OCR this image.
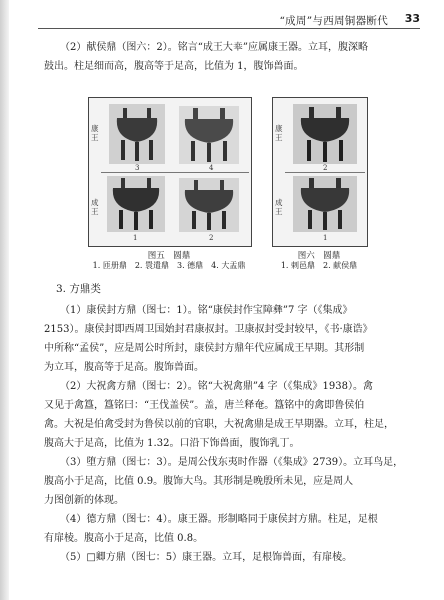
“成周”与西周铜器断代 33

（2）献侯鼎（图六：2）。铭言“成王大𠦪”应属康王器。立耳，腹深略

鼓出。柱足细而高，腹高等于足高，比值为 1，腹饰兽面。

康
王
成
王
3	4
1	2
图五　圆鼎
1. 匝册鼎　2. 睘遣鼎　3. 德鼎　4. 大盂鼎
康
王
成
王
2
1
图六　圆鼎
1. 剌邑鼎　2. 献侯鼎
3. 方鼎类

（1）康侯封方鼎（图七：1）。铭“康侯封作宝障彝”7 字（《集成》

2153）。康侯封即西周卫国始封君康叔封。卫康叔封受封较早，《书·康诰》

中所称“孟侯”，应是周公时所封，康侯封方鼎年代应属成王早期。其形制

为立耳，腹高等于足高。腹饰兽面。

（2）大祝禽方鼎（图七：2）。铭“大祝禽鼎”4 字（《集成》1938）。禽

又见于禽簋，簋铭曰：“王伐盖侯”。盖，唐兰释奄。簋铭中的禽即鲁侯伯

禽。大祝是伯禽受封为鲁侯以前的官职，大祝禽鼎是成王早期器。立耳，柱足，

腹高大于足高，比值为 1.32。口沿下饰兽面，腹饰乳丁。

（3）堕方鼎（图七：3）。是周公伐东夷时作器（《集成》2739）。立耳鸟足，

腹高小于足高，比值 0.9。腹饰大鸟。其形制是晚殷所未见，应是周人

力图创新的体现。

（4）德方鼎（图七：4）。康王器。形制略同于康侯封方鼎。柱足，足根

有扉棱。腹高小于足高，比值 0.8。

（5）□卿方鼎（图七：5）康王器。立耳，足根饰兽面，有扉棱。
